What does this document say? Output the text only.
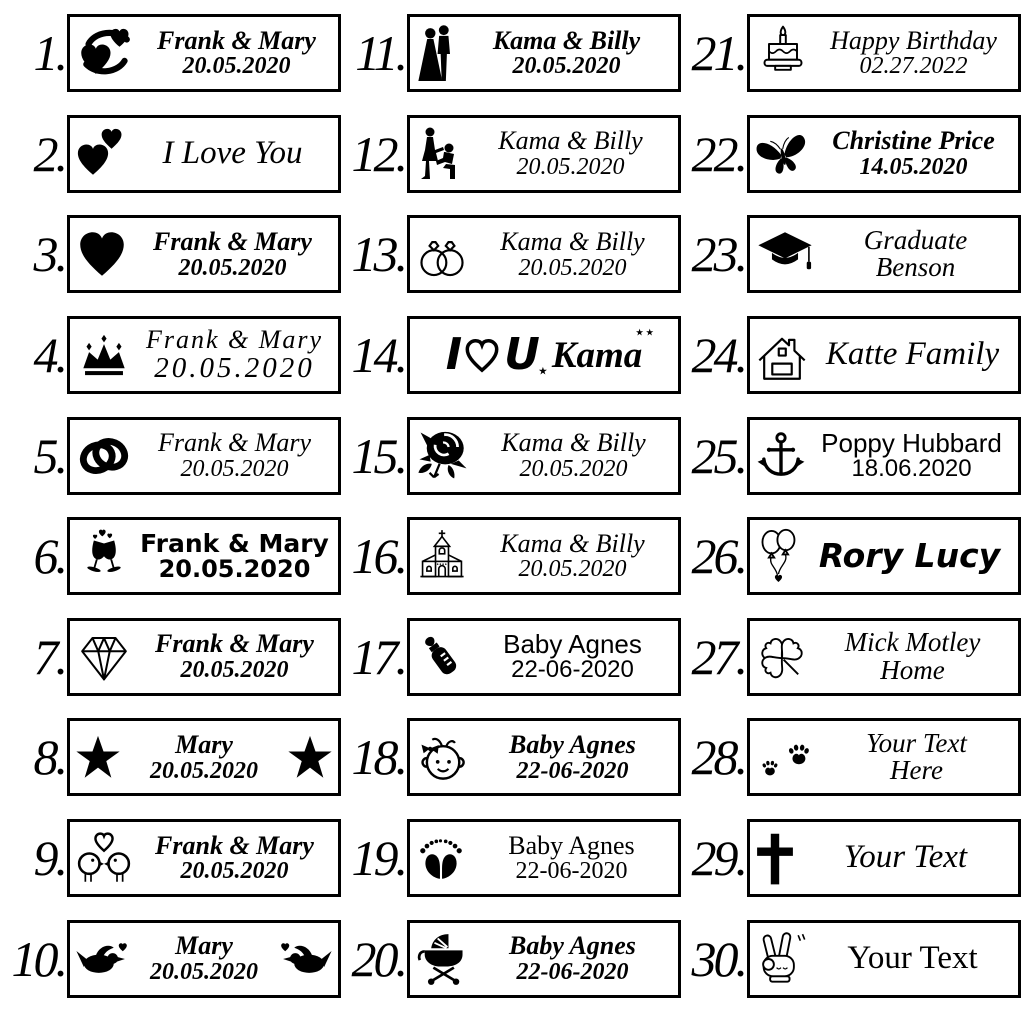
1.	Frank & Mary
20.05.2020
2.	I Love You
3.	Frank & Mary
20.05.2020
4.	Frank & Mary
20.05.2020
5.	Frank & Mary
20.05.2020
6.	Frank & Mary
20.05.2020
7.	Frank & Mary
20.05.2020
8.	Mary
20.05.2020
9.	Frank & Mary
20.05.2020
10.	Mary
20.05.2020
11.	Kama & Billy
20.05.2020
12.	Kama & Billy
20.05.2020
13.	Kama & Billy
20.05.2020
14. I U ★ Kama ★★
15.	Kama & Billy
20.05.2020
16.	Kama & Billy
20.05.2020
17.	Baby Agnes
22-06-2020
18.	Baby Agnes
22-06-2020
19.	Baby Agnes
22-06-2020
20.	Baby Agnes
22-06-2020
21.	Happy Birthday
02.27.2022
22.	Christine Price
14.05.2020
23.	Graduate
Benson
24.	Katte Family
25.	Poppy Hubbard
18.06.2020
26.	Rory Lucy
27.	Mick Motley
Home
28.	Your Text
Here
29.	Your Text
30.	Your Text
